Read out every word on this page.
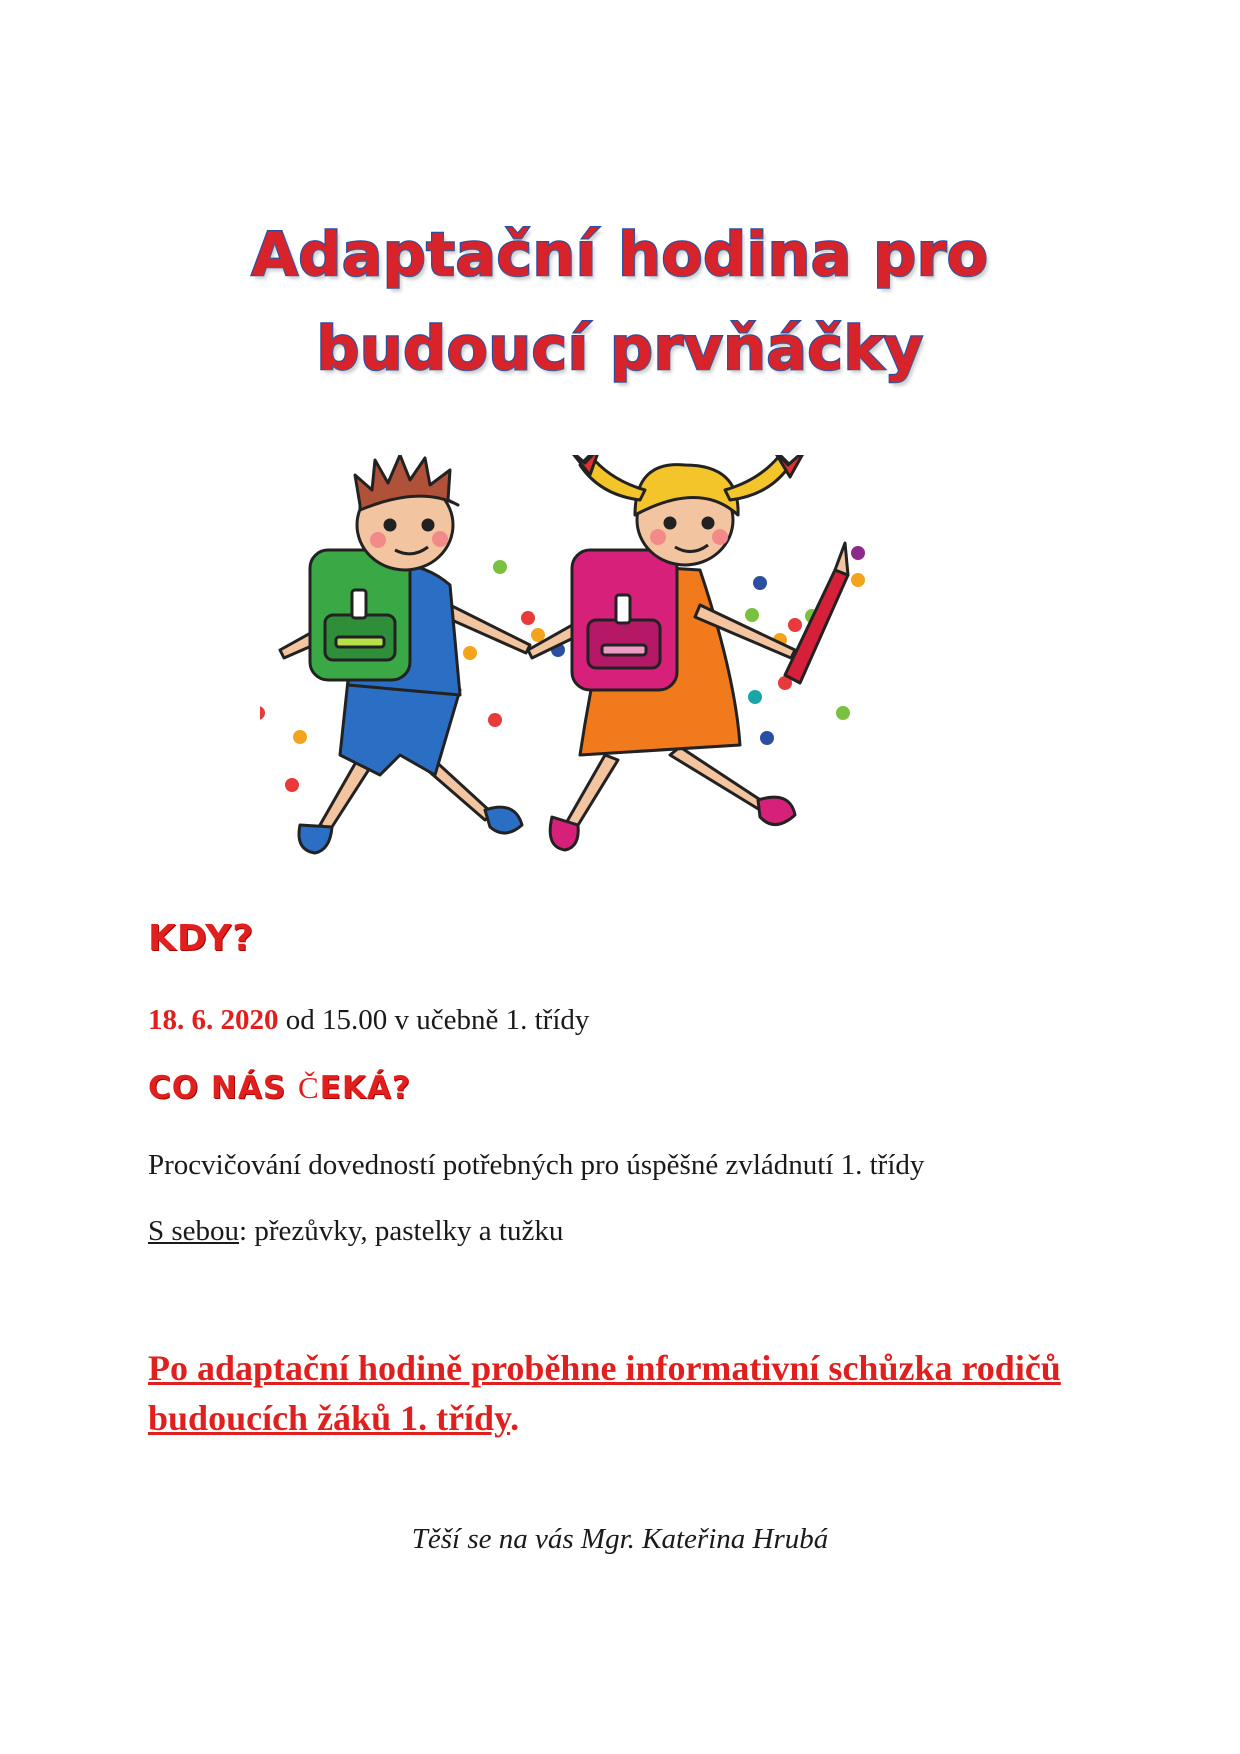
Adaptační hodina pro
budoucí prvňáčky
KDY?
18. 6. 2020 od 15.00 v učebně 1. třídy
CO NÁS ČEKÁ?
Procvičování dovedností potřebných pro úspěšné zvládnutí 1. třídy
S sebou: přezůvky, pastelky a tužku
Po adaptační hodině proběhne informativní schůzka rodičů budoucích žáků 1. třídy.
Těší se na vás Mgr. Kateřina Hrubá
